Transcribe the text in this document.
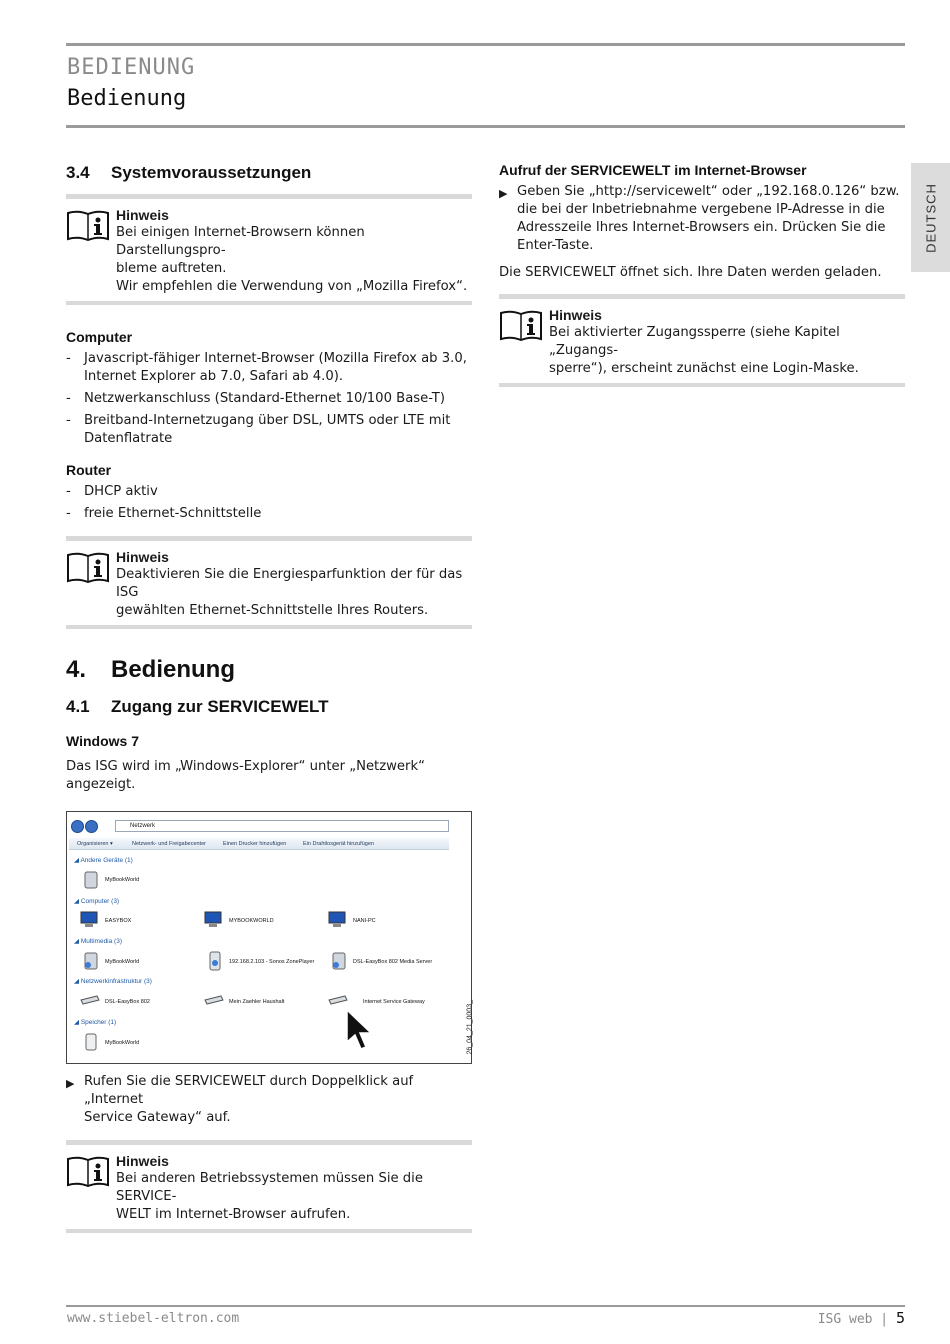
BEDIENUNG
Bedienung
DEUTSCH
3.4	Systemvoraussetzungen
Hinweis
Bei einigen Internet-Browsern können Darstellungspro-
bleme auftreten.
Wir empfehlen die Verwendung von „Mozilla Firefox“.
Computer
-	Javascript-fähiger Internet-Browser (Mozilla Firefox ab 3.0,
Internet Explorer ab 7.0, Safari ab 4.0).
-	Netzwerkanschluss (Standard-Ethernet 10/100 Base-T)
-	Breitband-Internetzugang über DSL, UMTS oder LTE mit
Datenflatrate
Router
-	DHCP aktiv
-	freie Ethernet-Schnittstelle
Hinweis
Deaktivieren Sie die Energiesparfunktion der für das ISG
gewählten Ethernet-Schnittstelle Ihres Routers.
4.	Bedienung
4.1	Zugang zur SERVICEWELT
Windows 7
Das ISG wird im „Windows-Explorer“ unter „Netzwerk“ angezeigt.
Netzwerk
Organisieren ▾	Netzwerk- und Freigabecenter	Einen Drucker hinzufügen	Ein Drahtlosgerät hinzufügen
◢ Andere Geräte (1)
MyBookWorld
◢ Computer (3)
EASYBOX	MYBOOKWORLD	NANI-PC
◢ Multimedia (3)
MyBookWorld	192.168.2.103 - Sonos ZonePlayer	DSL-EasyBox 802 Media Server
◢ Netzwerkinfrastruktur (3)
DSL-EasyBox 802	Mein Zaehler Haushalt	Internet Service Gateway
◢ Speicher (1)
MyBookWorld	26_04_21_0003_
▶ Rufen Sie die SERVICEWELT durch Doppelklick auf „Internet
Service Gateway“ auf.
Hinweis
Bei anderen Betriebssystemen müssen Sie die SERVICE-
WELT im Internet-Browser aufrufen.
Aufruf der SERVICEWELT im Internet-Browser
▶ Geben Sie „http://servicewelt“ oder „192.168.0.126“ bzw.
die bei der Inbetriebnahme vergebene IP-Adresse in die
Adresszeile Ihres Internet-Browsers ein. Drücken Sie die
Enter-Taste.
Die SERVICEWELT öffnet sich. Ihre Daten werden geladen.
Hinweis
Bei aktivierter Zugangssperre (siehe Kapitel „Zugangs-
sperre“), erscheint zunächst eine Login-Maske.
www.stiebel-eltron.com	ISG web | 5
